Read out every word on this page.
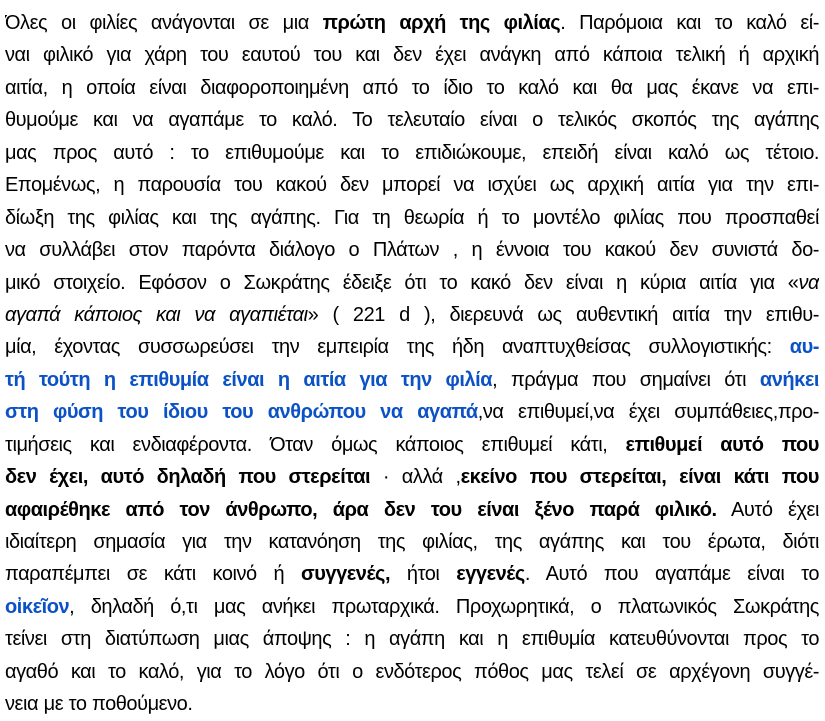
Όλες οι φιλίες ανάγονται σε μια πρώτη αρχή της φιλίας. Παρόμοια και το καλό εί-
ναι φιλικό για χάρη του εαυτού του και δεν έχει ανάγκη από κάποια τελική ή αρχική
αιτία, η οποία είναι διαφοροποιημένη από το ίδιο το καλό και θα μας έκανε να επι-
θυμούμε και να αγαπάμε το καλό. Το τελευταίο είναι ο τελικός σκοπός της αγάπης
μας προς αυτό : το επιθυμούμε και το επιδιώκουμε, επειδή είναι καλό ως τέτοιο.
Επομένως, η παρουσία του κακού δεν μπορεί να ισχύει ως αρχική αιτία για την επι-
δίωξη της φιλίας και της αγάπης. Για τη θεωρία ή το μοντέλο φιλίας που προσπαθεί
να συλλάβει στον παρόντα διάλογο ο Πλάτων , η έννοια του κακού δεν συνιστά δο-
μικό στοιχείο. Εφόσον ο Σωκράτης έδειξε ότι το κακό δεν είναι η κύρια αιτία για «να
αγαπά κάποιος και να αγαπιέται» ( 221 d ), διερευνά ως αυθεντική αιτία την επιθυ-
μία, έχοντας συσσωρεύσει την εμπειρία της ήδη αναπτυχθείσας συλλογιστικής: αυ-
τή τούτη η επιθυμία είναι η αιτία για την φιλία, πράγμα που σημαίνει ότι ανήκει
στη φύση του ίδιου του ανθρώπου να αγαπά,να επιθυμεί,να έχει συμπάθειες,προ-
τιμήσεις και ενδιαφέροντα. Όταν όμως κάποιος επιθυμεί κάτι, επιθυμεί αυτό που
δεν έχει, αυτό δηλαδή που στερείται · αλλά ,εκείνο που στερείται, είναι κάτι που
αφαιρέθηκε από τον άνθρωπο, άρα δεν του είναι ξένο παρά φιλικό. Αυτό έχει
ιδιαίτερη σημασία για την κατανόηση της φιλίας, της αγάπης και του έρωτα, διότι
παραπέμπει σε κάτι κοινό ή συγγενές, ήτοι εγγενές. Αυτό που αγαπάμε είναι το
οἰκεῖον, δηλαδή ό,τι μας ανήκει πρωταρχικά. Προχωρητικά, ο πλατωνικός Σωκράτης
τείνει στη διατύπωση μιας άποψης : η αγάπη και η επιθυμία κατευθύνονται προς το
αγαθό και το καλό, για το λόγο ότι ο ενδότερος πόθος μας τελεί σε αρχέγονη συγγέ-
νεια με το ποθούμενο.
